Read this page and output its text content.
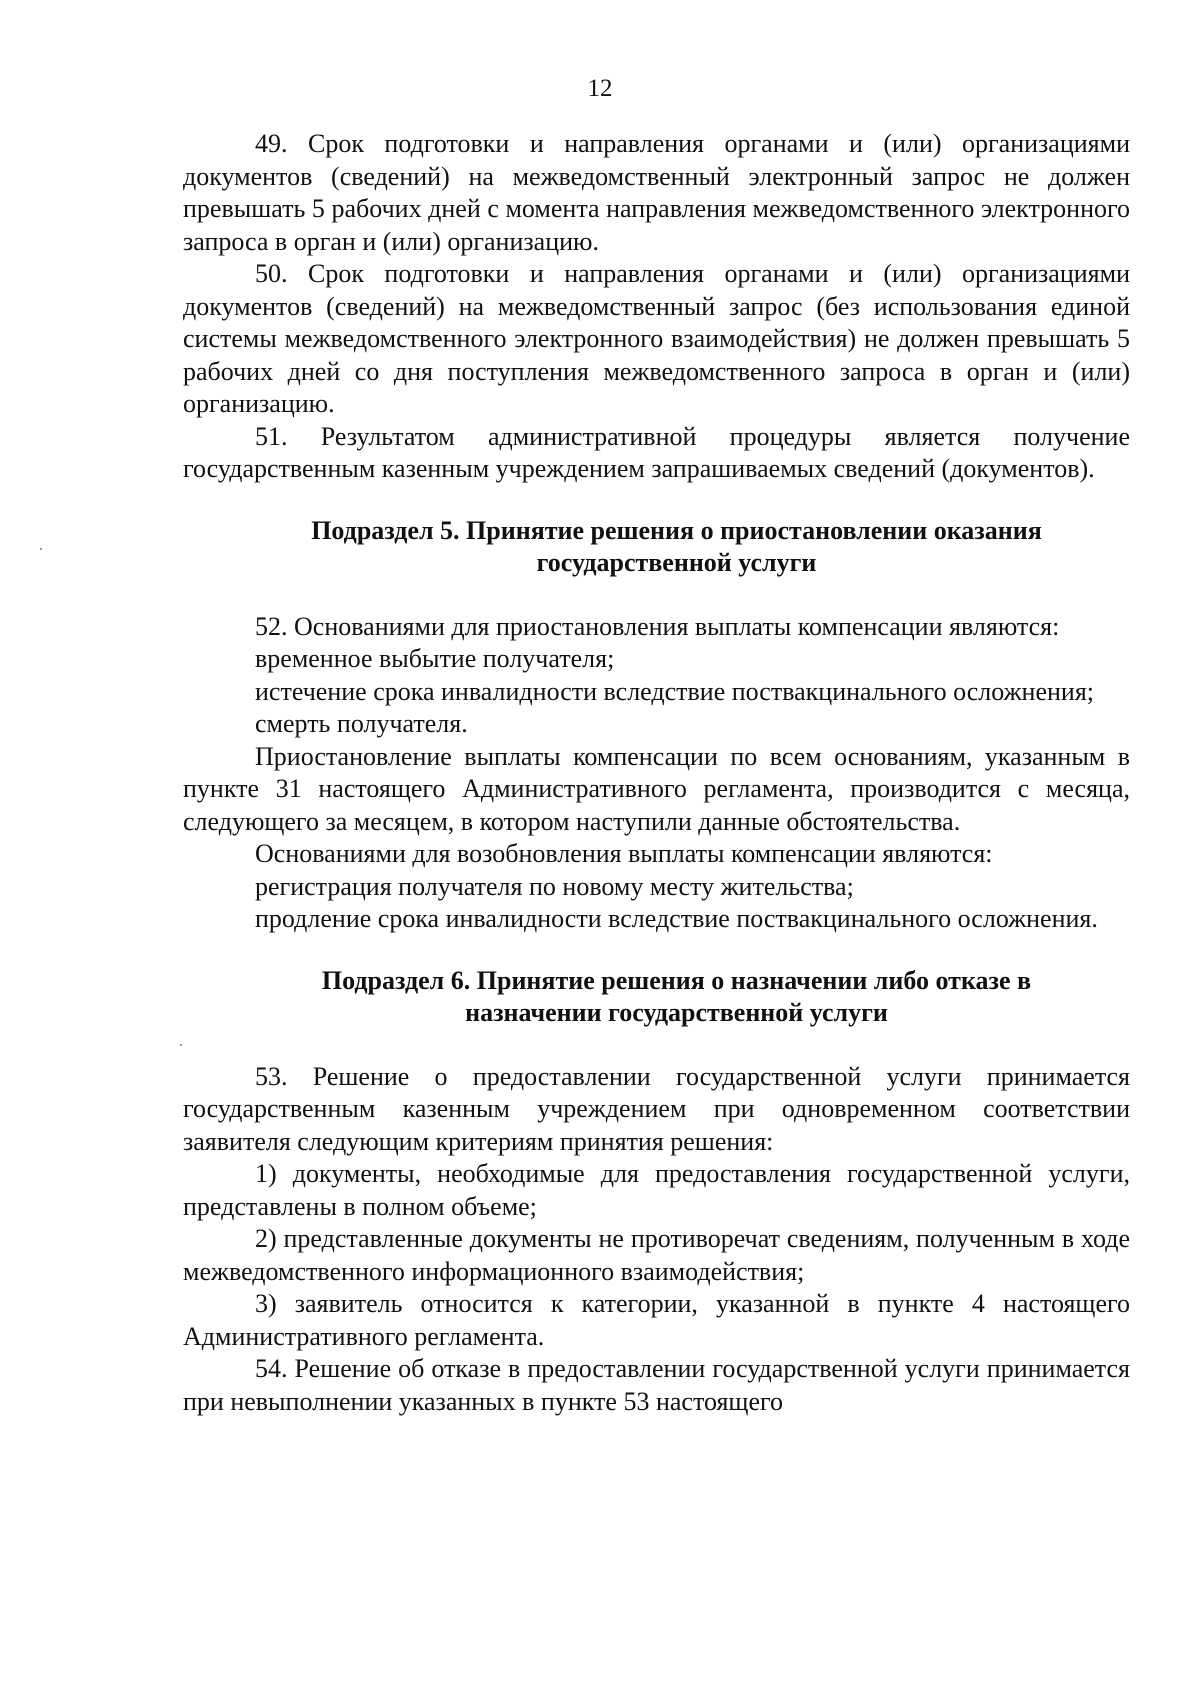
12

49. Срок подготовки и направления органами и (или) организациями документов (сведений) на межведомственный электронный запрос не должен превышать 5 рабочих дней с момента направления межведомственного электронного запроса в орган и (или) организацию.

50. Срок подготовки и направления органами и (или) организациями документов (сведений) на межведомственный запрос (без использования единой системы межведомственного электронного взаимодействия) не должен превышать 5 рабочих дней со дня поступления межведомственного запроса в орган и (или) организацию.

51. Результатом административной процедуры является получение государственным казенным учреждением запрашиваемых сведений (документов).

Подраздел 5. Принятие решения о приостановлении оказания

государственной услуги

52. Основаниями для приостановления выплаты компенсации являются:

временное выбытие получателя;

истечение срока инвалидности вследствие поствакцинального осложнения;

смерть получателя.

Приостановление выплаты компенсации по всем основаниям, указанным в пункте 31 настоящего Административного регламента, производится с месяца, следующего за месяцем, в котором наступили данные обстоятельства.

Основаниями для возобновления выплаты компенсации являются:

регистрация получателя по новому месту жительства;

продление срока инвалидности вследствие поствакцинального осложнения.

Подраздел 6. Принятие решения о назначении либо отказе в

назначении государственной услуги

53. Решение о предоставлении государственной услуги принимается государственным казенным учреждением при одновременном соответствии заявителя следующим критериям принятия решения:

1) документы, необходимые для предоставления государственной услуги, представлены в полном объеме;

2) представленные документы не противоречат сведениям, полученным в ходе межведомственного информационного взаимодействия;

3) заявитель относится к категории, указанной в пункте 4 настоящего Административного регламента.

54. Решение об отказе в предоставлении государственной услуги принимается при невыполнении указанных в пункте 53 настоящего
